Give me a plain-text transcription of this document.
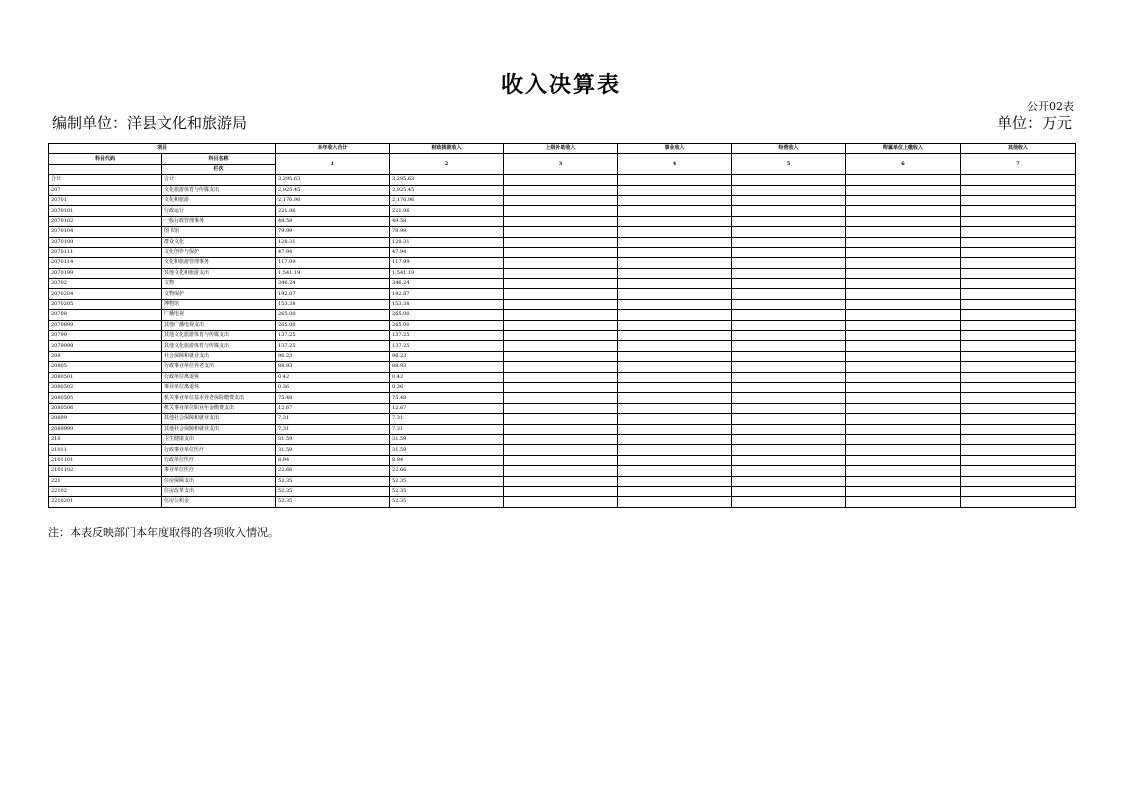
收入决算表
公开02表
编制单位：洋县文化和旅游局	单位：万元
项目		本年收入合计	财政拨款收入	上级补助收入	事业收入	经营收入	附属单位上缴收入	其他收入
科目代码	科目名称	1	2	3	4	5	6	7
	栏次							
合计	合计	3,295.63	3,295.63					
207	文化旅游体育与传媒支出	2,925.45	2,925.45					
20701	文化和旅游	2,176.96	2,176.96					
2070101	行政运行	221.96	221.96					
2070102	一般行政管理事务	49.58	49.58					
2070104	图书馆	79.99	79.99					
2070109	群众文化	128.31	128.31					
2070111	文化创作与保护	47.94	47.94					
2070114	文化和旅游管理事务	117.99	117.99					
2070199	其他文化和旅游支出	1,541.19	1,541.19					
20702	文物	346.24	346.24					
2070204	文物保护	192.87	192.87					
2070205	博物馆	153.38	153.38					
20708	广播电视	265.00	265.00					
2070899	其他广播电视支出	265.00	265.00					
20799	其他文化旅游体育与传媒支出	137.25	137.25					
2079999	其他文化旅游体育与传媒支出	137.25	137.25					
208	社会保障和就业支出	96.23	96.23					
20805	行政事业单位养老支出	88.93	88.93					
2080501	行政单位离退休	0.42	0.42					
2080502	事业单位离退休	0.36	0.36					
2080505	机关事业单位基本养老保险缴费支出	75.48	75.48					
2080506	机关事业单位职业年金缴费支出	12.67	12.67					
20899	其他社会保障和就业支出	7.31	7.31					
2089999	其他社会保障和就业支出	7.31	7.31					
210	卫生健康支出	31.59	31.59					
21011	行政事业单位医疗	31.59	31.59					
2101101	行政单位医疗	8.94	8.94					
2101102	事业单位医疗	22.66	22.66					
221	住房保障支出	52.35	52.35					
22102	住房改革支出	52.35	52.35					
2210201	住房公积金	52.35	52.35					
注：本表反映部门本年度取得的各项收入情况。
